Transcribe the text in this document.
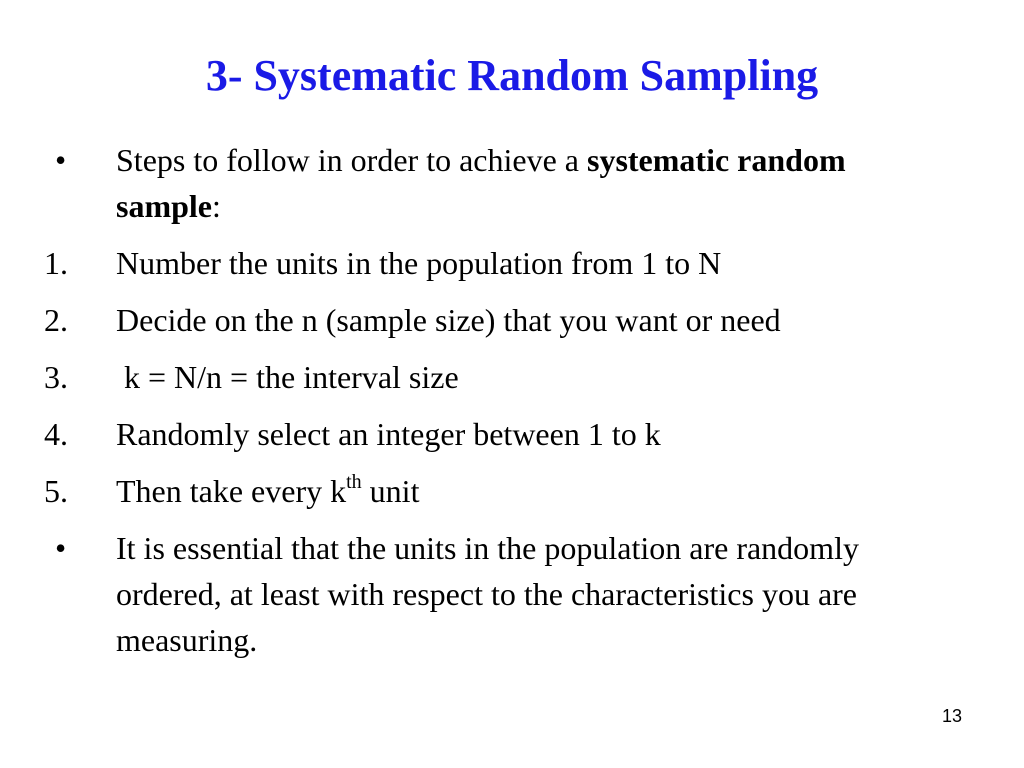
3- Systematic Random Sampling
• Steps to follow in order to achieve a systematic random sample:
1. Number the units in the population from 1 to N
2. Decide on the n (sample size) that you want or need
3. k = N/n = the interval size
4. Randomly select an integer between 1 to k
5. Then take every $k^{th}$ unit
• It is essential that the units in the population are randomly ordered, at least with respect to the characteristics you are measuring.
13
